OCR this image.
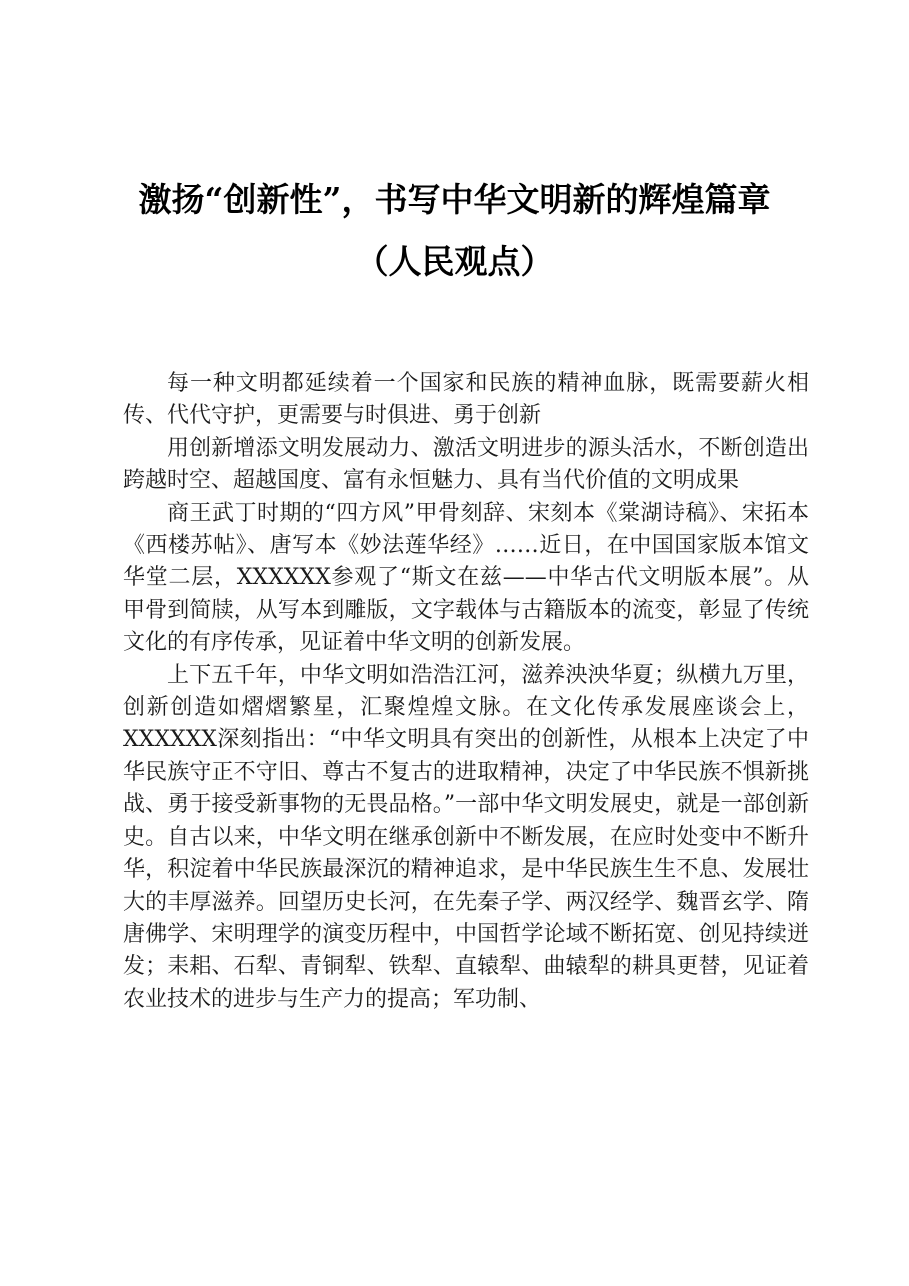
激扬“创新性”，书写中华文明新的辉煌篇章
（人民观点）

每一种文明都延续着一个国家和民族的精神血脉，既需要薪火相传、代代守护，更需要与时俱进、勇于创新

用创新增添文明发展动力、激活文明进步的源头活水，不断创造出跨越时空、超越国度、富有永恒魅力、具有当代价值的文明成果

商王武丁时期的“四方风”甲骨刻辞、宋刻本《棠湖诗稿》、宋拓本《西楼苏帖》、唐写本《妙法莲华经》……近日，在中国国家版本馆文华堂二层，XXXXXX参观了“斯文在兹——中华古代文明版本展”。从甲骨到简牍，从写本到雕版，文字载体与古籍版本的流变，彰显了传统文化的有序传承，见证着中华文明的创新发展。

上下五千年，中华文明如浩浩江河，滋养泱泱华夏；纵横九万里，创新创造如熠熠繁星，汇聚煌煌文脉。在文化传承发展座谈会上，XXXXXX深刻指出：“中华文明具有突出的创新性，从根本上决定了中华民族守正不守旧、尊古不复古的进取精神，决定了中华民族不惧新挑战、勇于接受新事物的无畏品格。”一部中华文明发展史，就是一部创新史。自古以来，中华文明在继承创新中不断发展，在应时处变中不断升华，积淀着中华民族最深沉的精神追求，是中华民族生生不息、发展壮大的丰厚滋养。回望历史长河，在先秦子学、两汉经学、魏晋玄学、隋唐佛学、宋明理学的演变历程中，中国哲学论域不断拓宽、创见持续迸发；耒耜、石犁、青铜犁、铁犁、直辕犁、曲辕犁的耕具更替，见证着农业技术的进步与生产力的提高；军功制、
